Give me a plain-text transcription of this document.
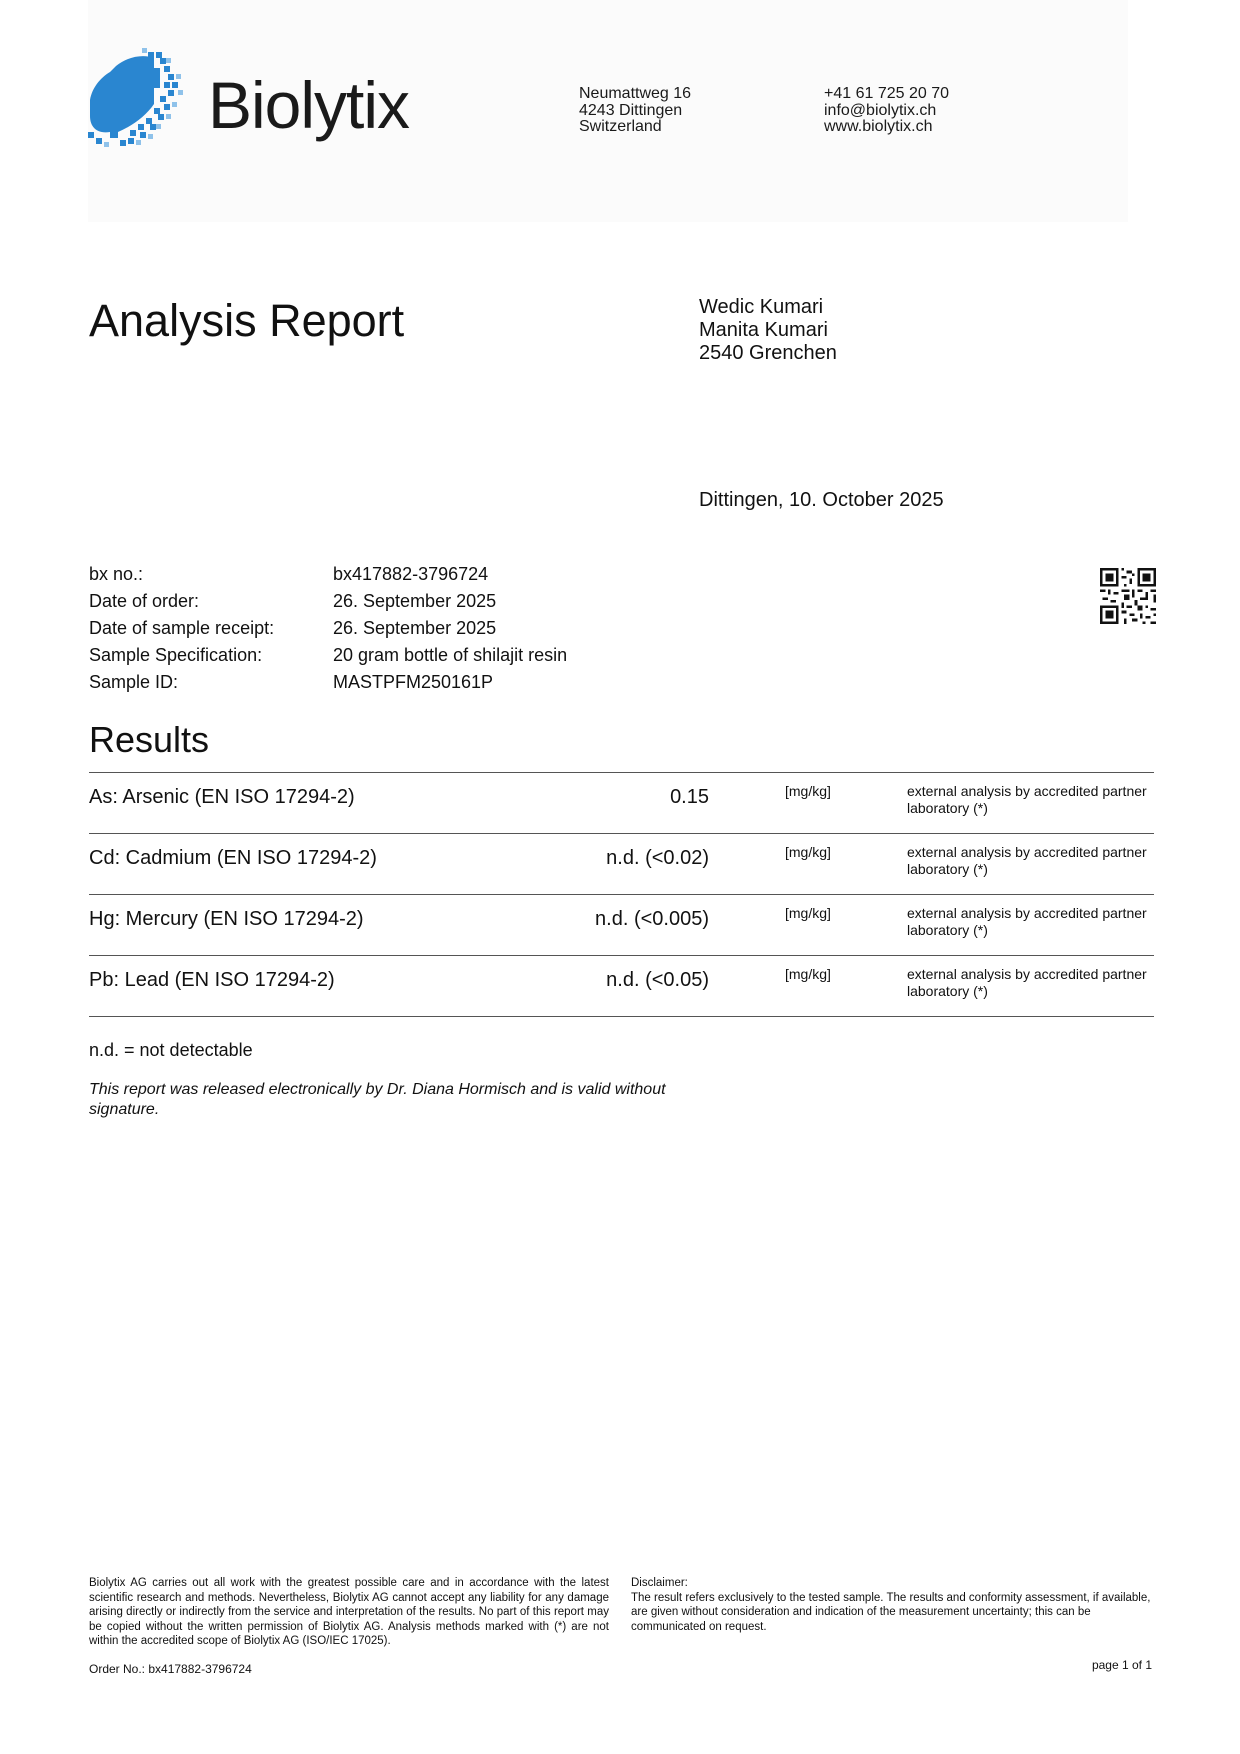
Biolytix	Neumattweg 16
4243 Dittingen
Switzerland
+41 61 725 20 70
info@biolytix.ch
www.biolytix.ch
Analysis Report	Wedic Kumari
Manita Kumari
2540 Grenchen
Dittingen, 10. October 2025
bx no.:	bx417882-3796724
Date of order:	26. September 2025
Date of sample receipt:	26. September 2025
Sample Specification:	20 gram bottle of shilajit resin
Sample ID:	MASTPFM250161P
Results
As: Arsenic (EN ISO 17294-2)	0.15	[mg/kg]	external analysis by accredited partner laboratory (*)
Cd: Cadmium (EN ISO 17294-2)	n.d. (<0.02)	[mg/kg]	external analysis by accredited partner laboratory (*)
Hg: Mercury (EN ISO 17294-2)	n.d. (<0.005)	[mg/kg]	external analysis by accredited partner laboratory (*)
Pb: Lead (EN ISO 17294-2)	n.d. (<0.05)	[mg/kg]	external analysis by accredited partner laboratory (*)
n.d. = not detectable
This report was released electronically by Dr. Diana Hormisch and is valid without signature.
Biolytix AG carries out all work with the greatest possible care and in accordance with the latest scientific research and methods. Nevertheless, Biolytix AG cannot accept any liability for any damage arising directly or indirectly from the service and interpretation of the results. No part of this report may be copied without the written permission of Biolytix AG. Analysis methods marked with (*) are not within the accredited scope of Biolytix AG (ISO/IEC 17025).
Disclaimer:
The result refers exclusively to the tested sample. The results and conformity assessment, if available, are given without consideration and indication of the measurement uncertainty; this can be communicated on request.
Order No.: bx417882-3796724	page 1 of 1
